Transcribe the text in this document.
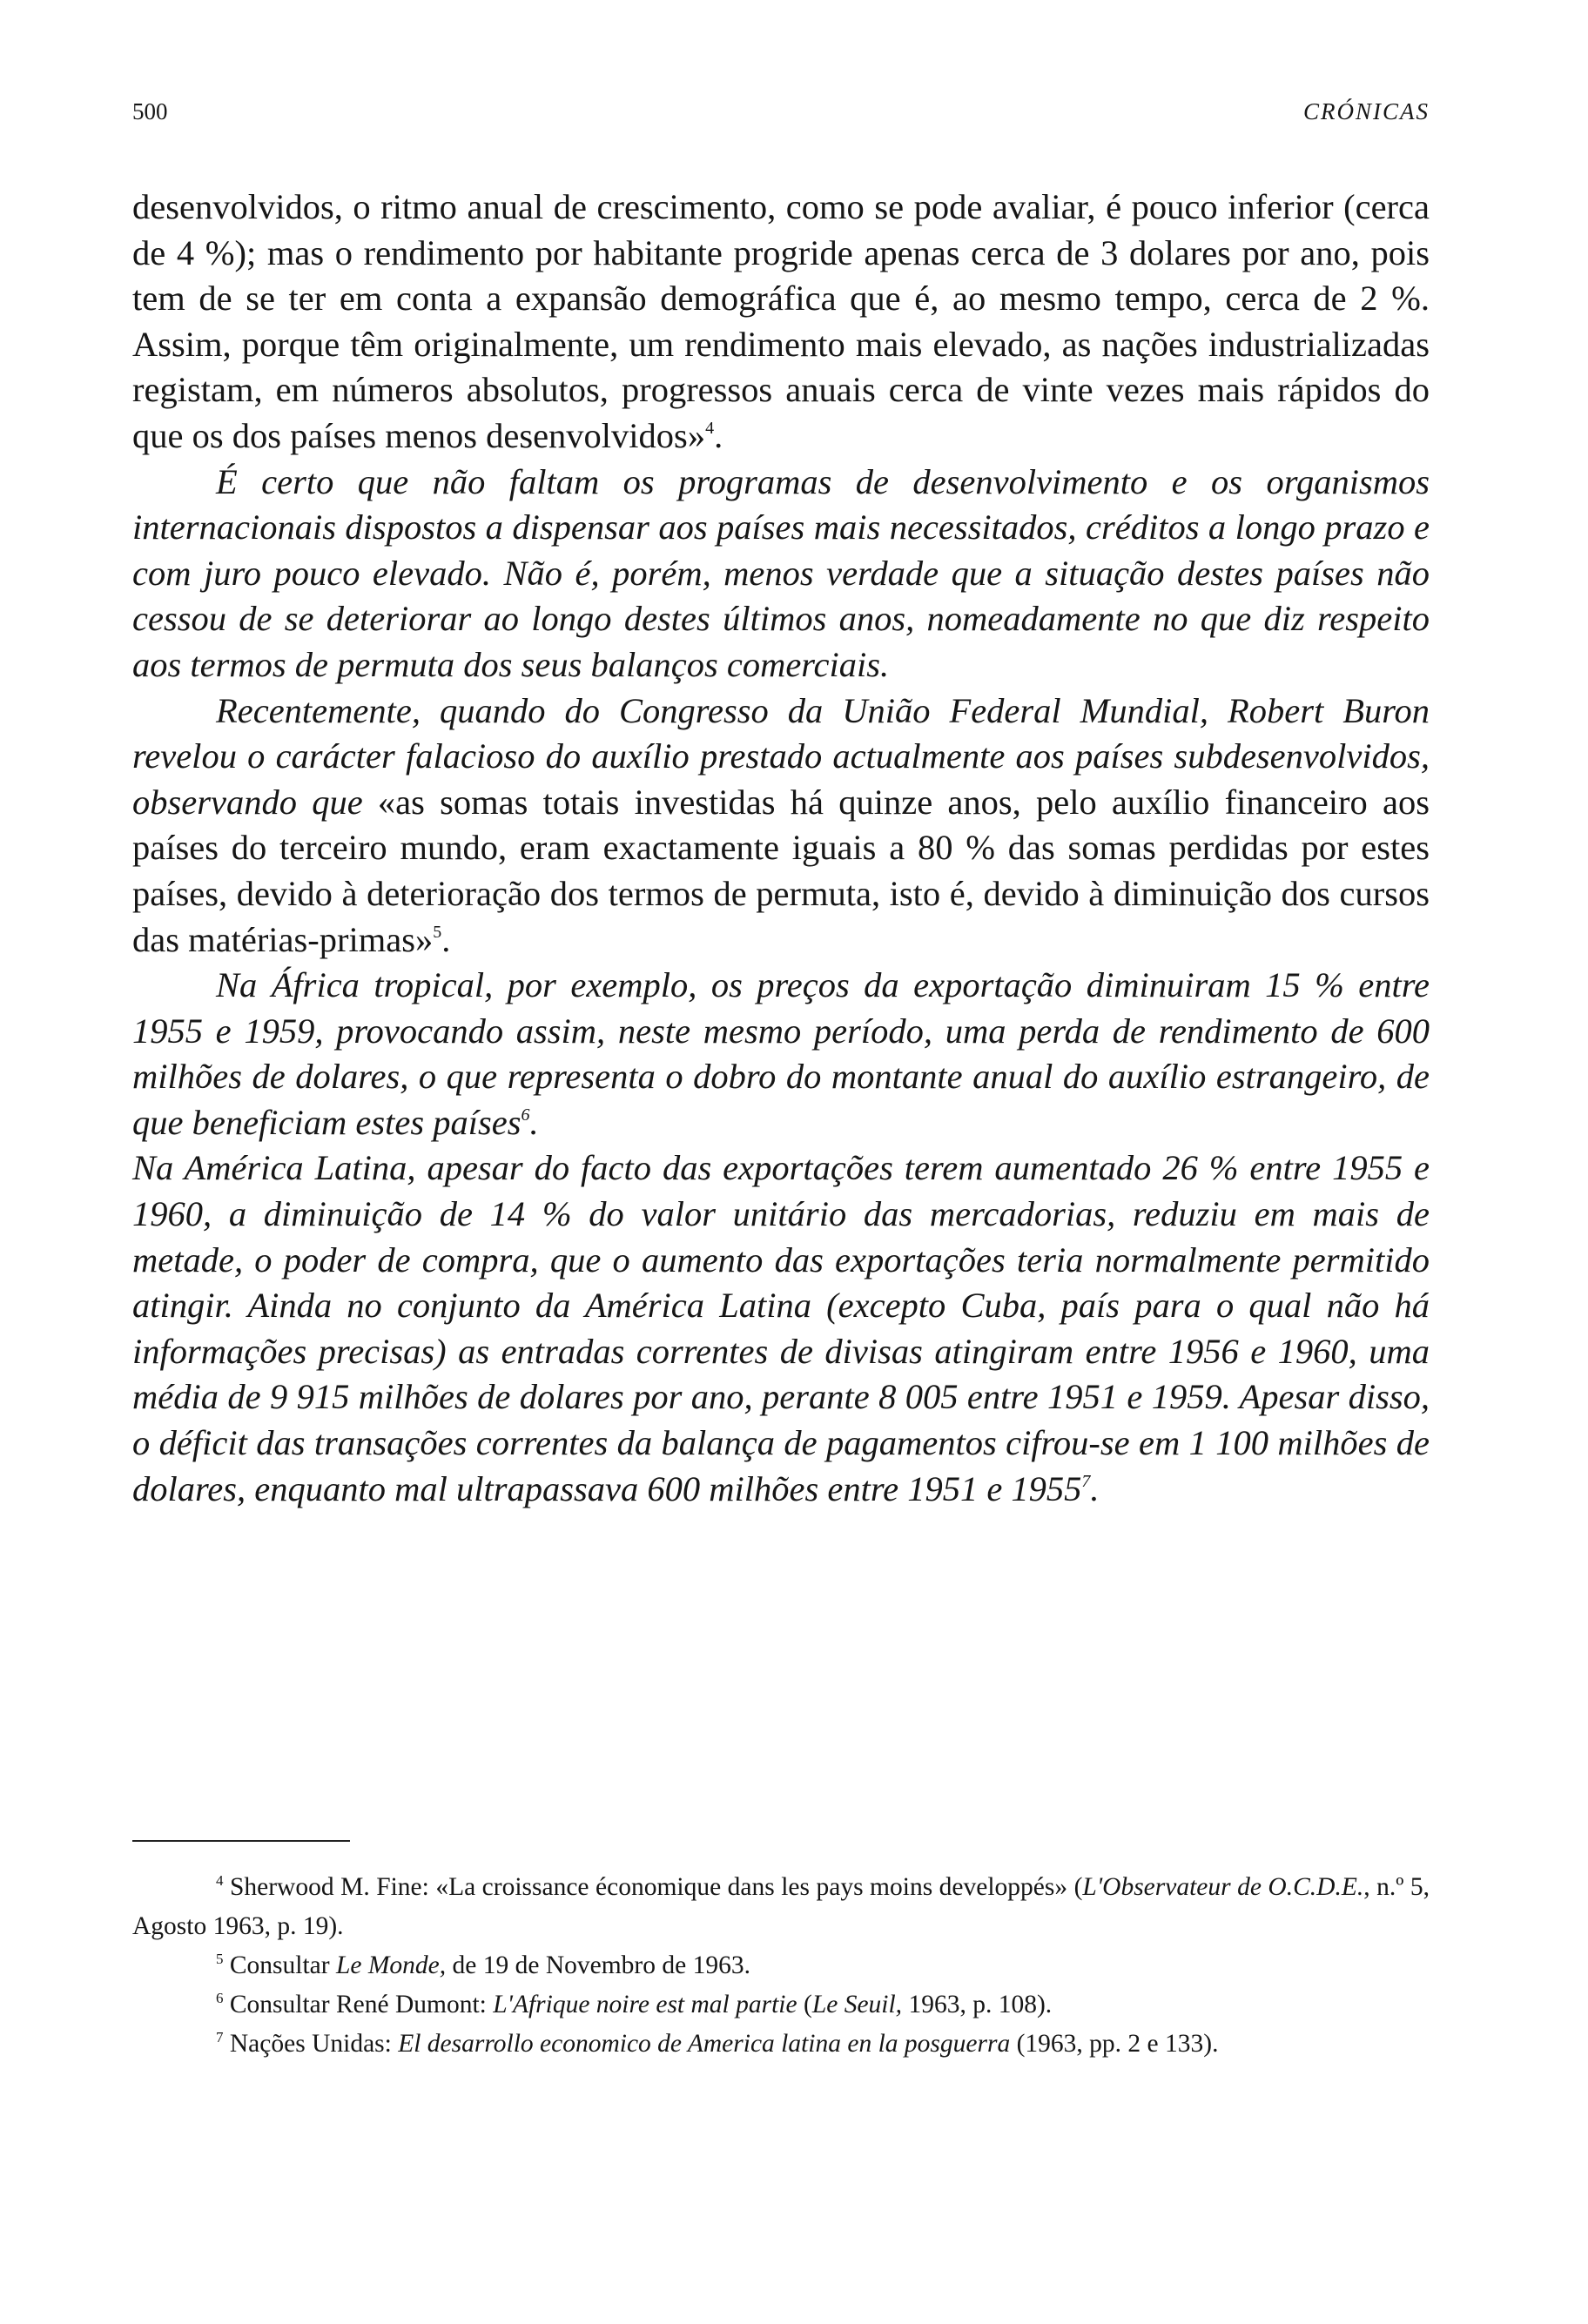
500	CRÓNICAS

desenvolvidos, o ritmo anual de crescimento, como se pode avaliar, é pouco inferior (cerca de 4 %); mas o rendimento por habitante progride apenas cerca de 3 dolares por ano, pois tem de se ter em conta a expansão demográfica que é, ao mesmo tempo, cerca de 2 %. Assim, porque têm originalmente, um rendimento mais elevado, as nações industrializadas registam, em números absolutos, progressos anuais cerca de vinte vezes mais rápidos do que os dos países menos desenvolvidos»$^4$.

É certo que não faltam os programas de desenvolvimento e os organismos internacionais dispostos a dispensar aos países mais necessitados, créditos a longo prazo e com juro pouco elevado. Não é, porém, menos verdade que a situação destes países não cessou de se deteriorar ao longo destes últimos anos, nomeadamente no que diz respeito aos termos de permuta dos seus balanços comerciais.

Recentemente, quando do Congresso da União Federal Mundial, Robert Buron revelou o carácter falacioso do auxílio prestado actualmente aos países subdesenvolvidos, observando que «as somas totais investidas há quinze anos, pelo auxílio financeiro aos países do terceiro mundo, eram exactamente iguais a 80 % das somas perdidas por estes países, devido à deterioração dos termos de permuta, isto é, devido à diminuição dos cursos das matérias-primas»$^5$.

Na África tropical, por exemplo, os preços da exportação diminuiram 15 % entre 1955 e 1959, provocando assim, neste mesmo período, uma perda de rendimento de 600 milhões de dolares, o que representa o dobro do montante anual do auxílio estrangeiro, de que beneficiam estes países$^6$.

Na América Latina, apesar do facto das exportações terem aumentado 26 % entre 1955 e 1960, a diminuição de 14 % do valor unitário das mercadorias, reduziu em mais de metade, o poder de compra, que o aumento das exportações teria normalmente permitido atingir. Ainda no conjunto da América Latina (excepto Cuba, país para o qual não há informações precisas) as entradas correntes de divisas atingiram entre 1956 e 1960, uma média de 9 915 milhões de dolares por ano, perante 8 005 entre 1951 e 1959. Apesar disso, o déficit das transações correntes da balança de pagamentos cifrou-se em 1 100 milhões de dolares, enquanto mal ultrapassava 600 milhões entre 1951 e 1955$^7$.

$^4$ Sherwood M. Fine: «La croissance économique dans les pays moins developpés» (L'Observateur de O.C.D.E., n.º 5, Agosto 1963, p. 19).

$^5$ Consultar Le Monde, de 19 de Novembro de 1963.

$^6$ Consultar René Dumont: L'Afrique noire est mal partie (Le Seuil, 1963, p. 108).

$^7$ Nações Unidas: El desarrollo economico de America latina en la posguerra (1963, pp. 2 e 133).
